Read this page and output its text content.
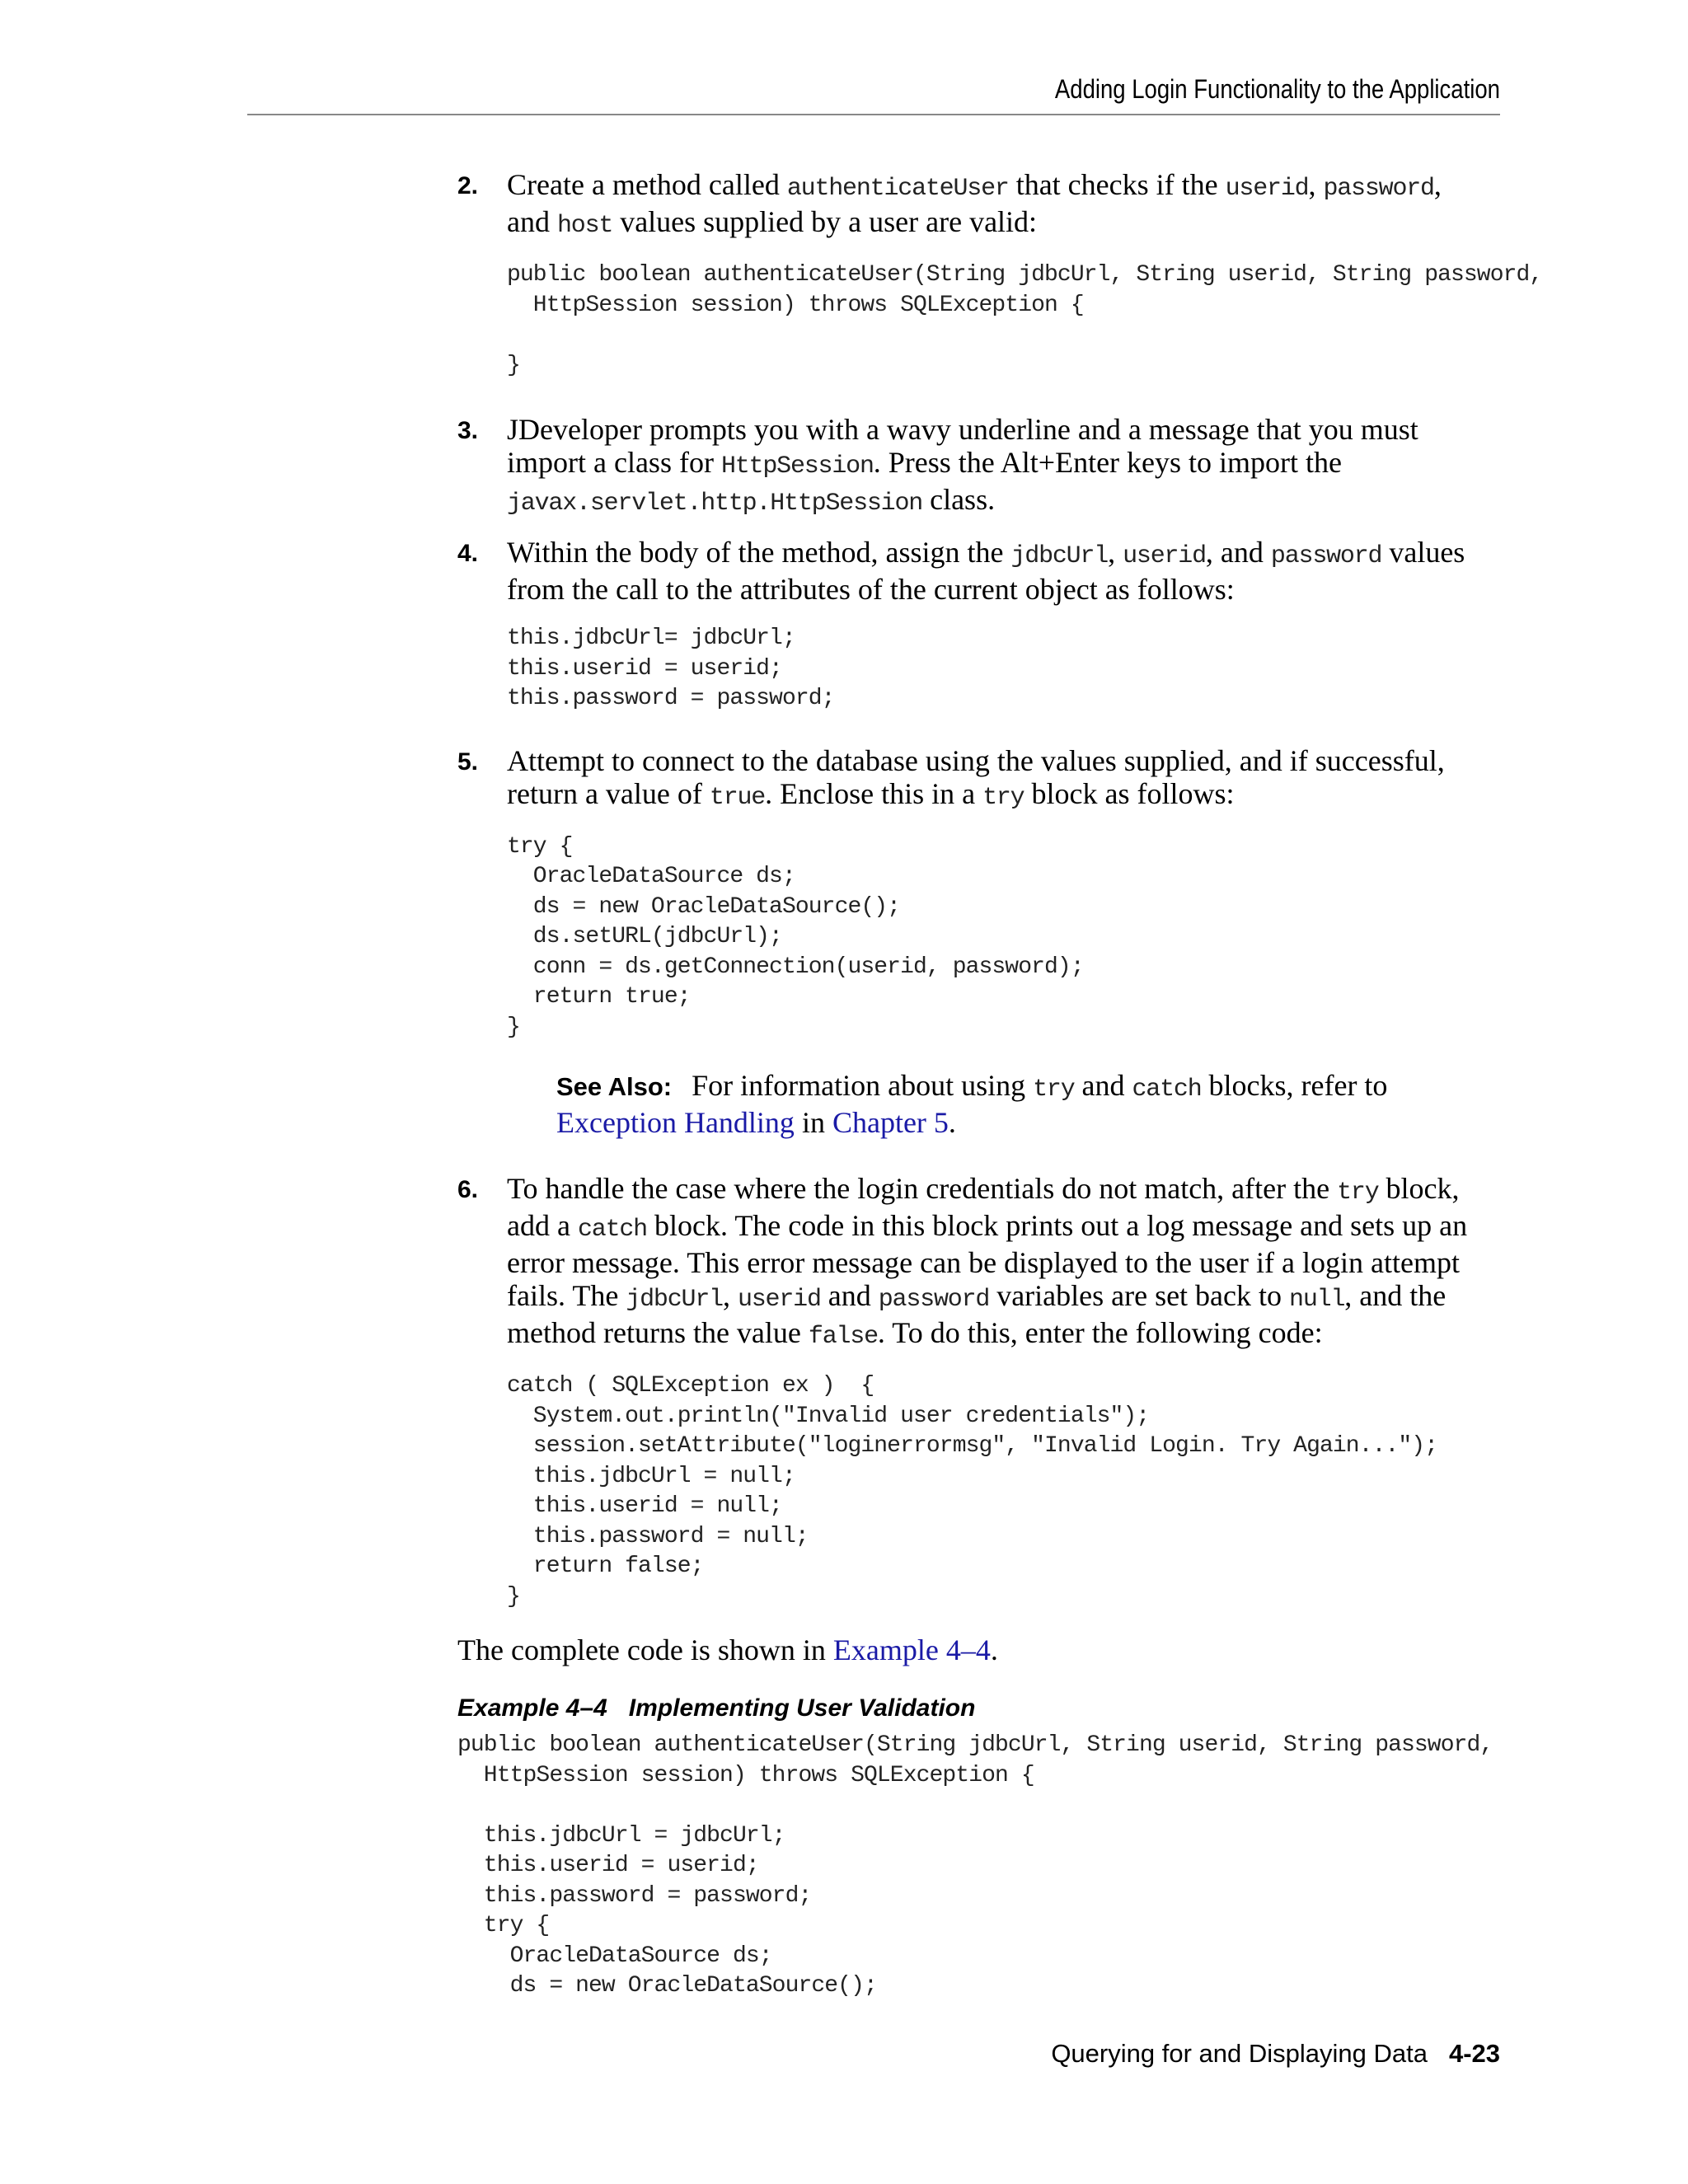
Adding Login Functionality to the Application
2. Create a method called authenticateUser that checks if the userid, password,
and host values supplied by a user are valid:

public boolean authenticateUser(String jdbcUrl, String userid, String password,
HttpSession session) throws SQLException {

}
3. JDeveloper prompts you with a wavy underline and a message that you must
import a class for HttpSession. Press the Alt+Enter keys to import the
javax.servlet.http.HttpSession class.

4. Within the body of the method, assign the jdbcUrl, userid, and password values
from the call to the attributes of the current object as follows:

this.jdbcUrl= jdbcUrl;
this.userid = userid;
this.password = password;
5. Attempt to connect to the database using the values supplied, and if successful,
return a value of true. Enclose this in a try block as follows:

try {
OracleDataSource ds;
ds = new OracleDataSource();
ds.setURL(jdbcUrl);
conn = ds.getConnection(userid, password);
return true;
}
See Also: For information about using try and catch blocks, refer to
Exception Handling in Chapter 5.
6. To handle the case where the login credentials do not match, after the try block,
add a catch block. The code in this block prints out a log message and sets up an
error message. This error message can be displayed to the user if a login attempt
fails. The jdbcUrl, userid and password variables are set back to null, and the
method returns the value false. To do this, enter the following code:

catch ( SQLException ex )  {
System.out.println("Invalid user credentials");
session.setAttribute("loginerrormsg", "Invalid Login. Try Again...");
this.jdbcUrl = null;
this.userid = null;
this.password = null;
return false;
}

The complete code is shown in Example 4–4.

Example 4–4 Implementing User Validation

public boolean authenticateUser(String jdbcUrl, String userid, String password,
HttpSession session) throws SQLException {

this.jdbcUrl = jdbcUrl;
this.userid = userid;
this.password = password;
try {
OracleDataSource ds;
ds = new OracleDataSource();
Querying for and Displaying Data 4-23
